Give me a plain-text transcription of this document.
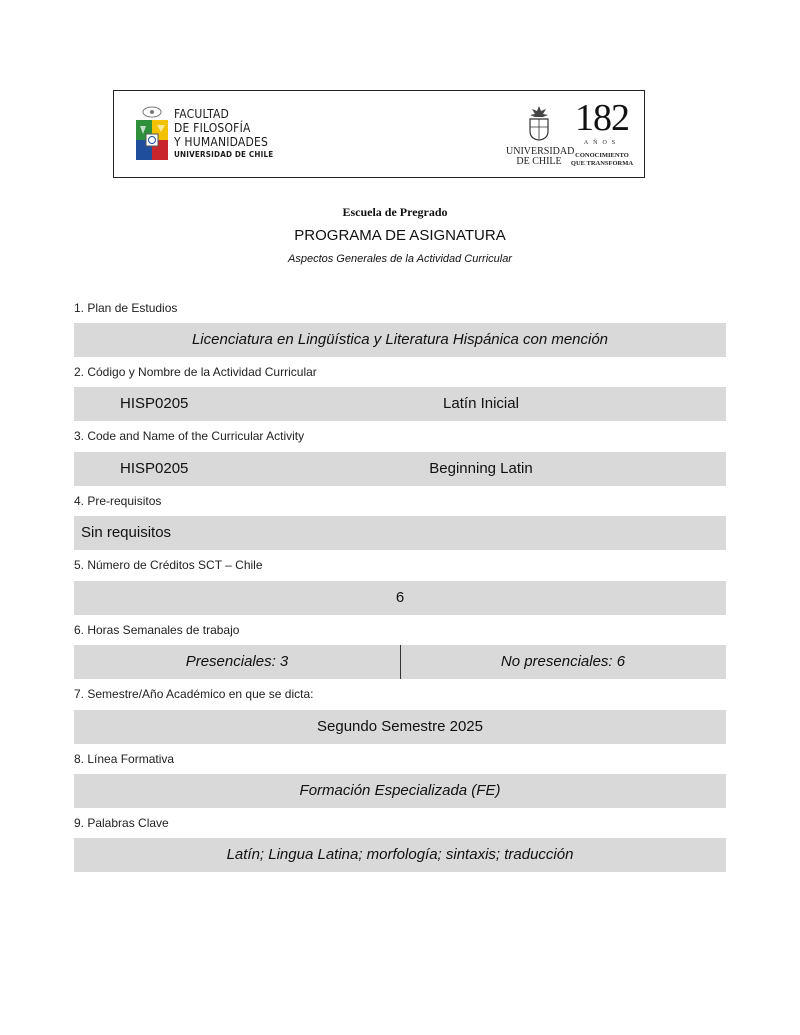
FACULTAD
DE FILOSOFÍA
Y HUMANIDADES
UNIVERSIDAD DE CHILE	UNIVERSIDAD
DE CHILE
182
AÑOS
CONOCIMIENTO
QUE TRANSFORMA
Escuela de Pregrado
PROGRAMA DE ASIGNATURA
Aspectos Generales de la Actividad Curricular
1. Plan de Estudios
Licenciatura en Lingüística y Literatura Hispánica con mención
2. Código y Nombre de la Actividad Curricular
HISP0205	Latín Inicial
3. Code and Name of the Curricular Activity
HISP0205	Beginning Latin
4. Pre-requisitos
Sin requisitos
5. Número de Créditos SCT – Chile
6
6. Horas Semanales de trabajo
Presenciales: 3	No presenciales: 6
7. Semestre/Año Académico en que se dicta:
Segundo Semestre 2025
8. Línea Formativa
Formación Especializada (FE)
9. Palabras Clave
Latín; Lingua Latina; morfología; sintaxis; traducción
